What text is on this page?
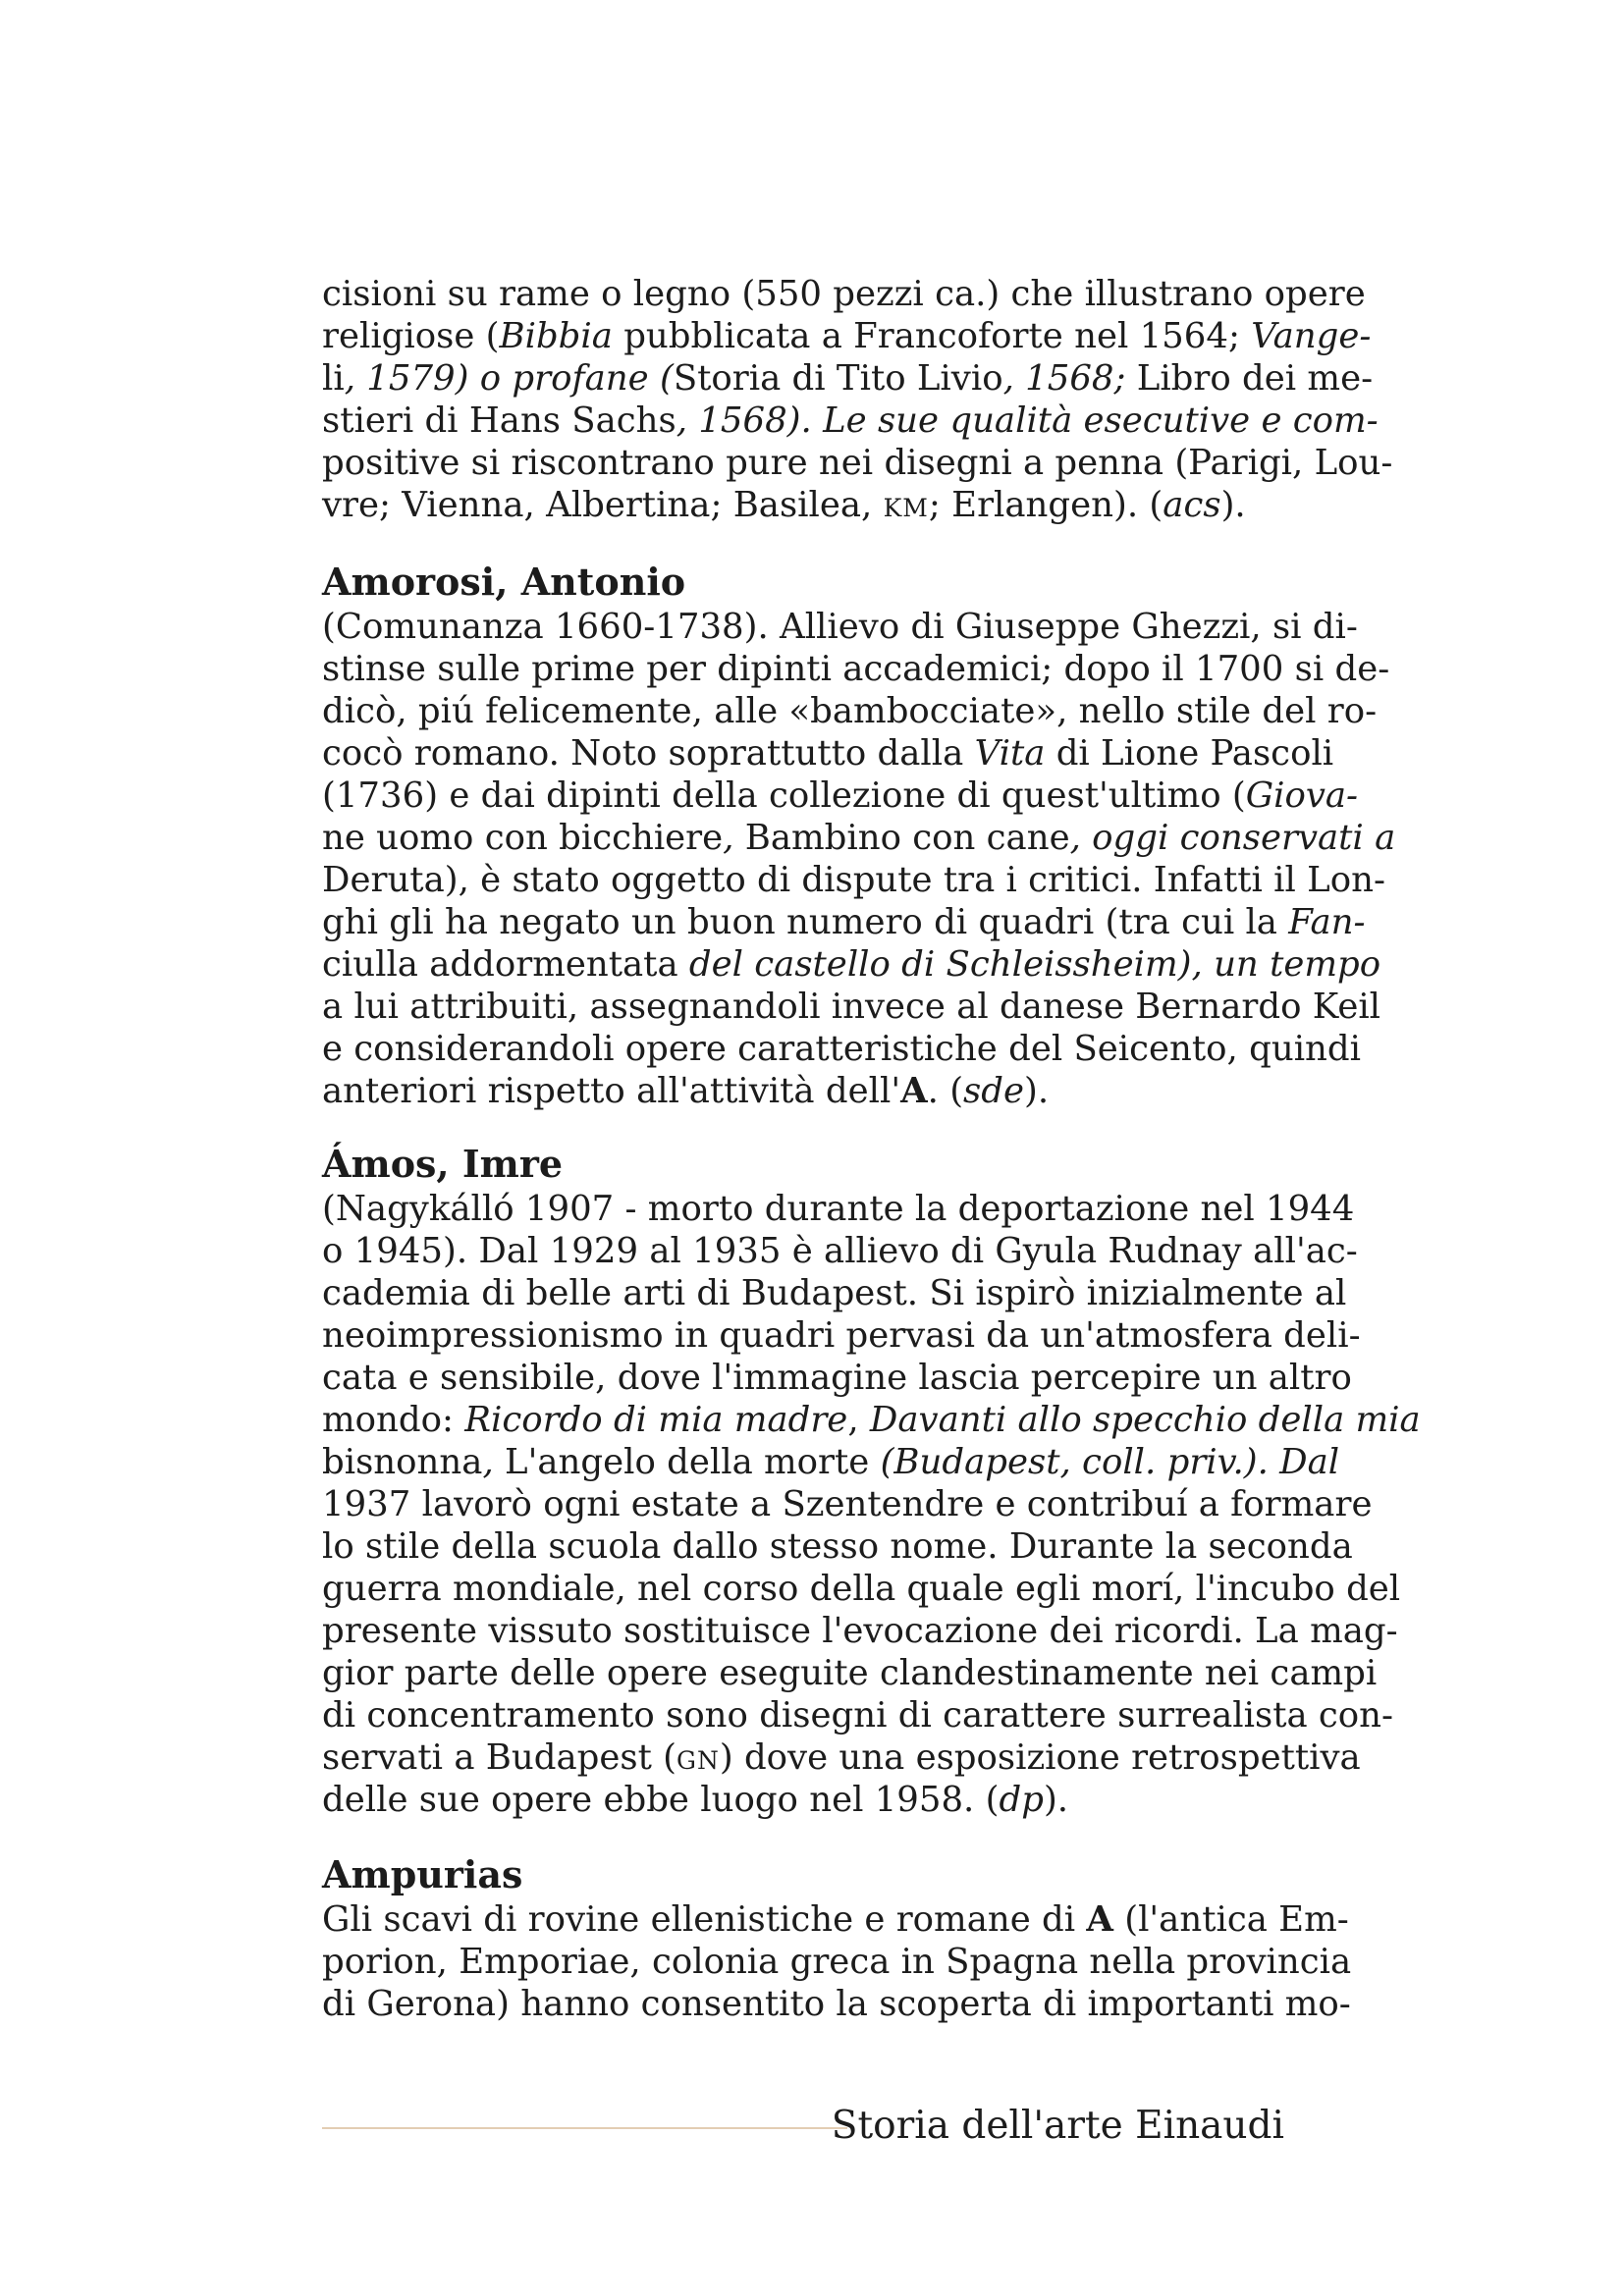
cisioni su rame o legno (550 pezzi ca.) che illustrano opere
religiose (Bibbia pubblicata a Francoforte nel 1564; Vange-
li, 1579) o profane (Storia di Tito Livio, 1568; Libro dei me-
stieri di Hans Sachs, 1568). Le sue qualità esecutive e com-
positive si riscontrano pure nei disegni a penna (Parigi, Lou-
vre; Vienna, Albertina; Basilea, km; Erlangen). (acs).

Amorosi, Antonio

(Comunanza 1660-1738). Allievo di Giuseppe Ghezzi, si di-
stinse sulle prime per dipinti accademici; dopo il 1700 si de-
dicò, piú felicemente, alle «bambocciate», nello stile del ro-
cocò romano. Noto soprattutto dalla Vita di Lione Pascoli
(1736) e dai dipinti della collezione di quest'ultimo (Giova-
ne uomo con bicchiere, Bambino con cane, oggi conservati a
Deruta), è stato oggetto di dispute tra i critici. Infatti il Lon-
ghi gli ha negato un buon numero di quadri (tra cui la Fan-
ciulla addormentata del castello di Schleissheim), un tempo
a lui attribuiti, assegnandoli invece al danese Bernardo Keil
e considerandoli opere caratteristiche del Seicento, quindi
anteriori rispetto all'attività dell'A. (sde).

Ámos, Imre

(Nagykálló 1907 - morto durante la deportazione nel 1944
o 1945). Dal 1929 al 1935 è allievo di Gyula Rudnay all'ac-
cademia di belle arti di Budapest. Si ispirò inizialmente al
neoimpressionismo in quadri pervasi da un'atmosfera deli-
cata e sensibile, dove l'immagine lascia percepire un altro
mondo: Ricordo di mia madre, Davanti allo specchio della mia
bisnonna, L'angelo della morte (Budapest, coll. priv.). Dal
1937 lavorò ogni estate a Szentendre e contribuí a formare
lo stile della scuola dallo stesso nome. Durante la seconda
guerra mondiale, nel corso della quale egli morí, l'incubo del
presente vissuto sostituisce l'evocazione dei ricordi. La mag-
gior parte delle opere eseguite clandestinamente nei campi
di concentramento sono disegni di carattere surrealista con-
servati a Budapest (gn) dove una esposizione retrospettiva
delle sue opere ebbe luogo nel 1958. (dp).

Ampurias

Gli scavi di rovine ellenistiche e romane di A (l'antica Em-
porion, Emporiae, colonia greca in Spagna nella provincia
di Gerona) hanno consentito la scoperta di importanti mo-

Storia dell'arte Einaudi
